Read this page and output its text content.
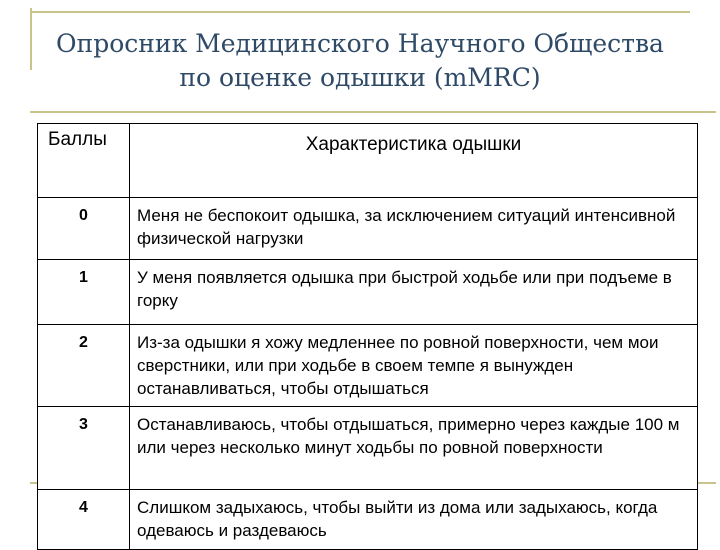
Опросник Медицинского Научного Общества
по оценке одышки (mMRC)
Баллы	Характеристика одышки
0	Меня не беспокоит одышка, за исключением ситуаций интенсивной физической нагрузки
1	У меня появляется одышка при быстрой ходьбе или при подъеме в горку
2	Из-за одышки я хожу медленнее по ровной поверхности, чем мои сверстники, или при ходьбе в своем темпе я вынужден останавливаться, чтобы отдышаться
3	Останавливаюсь, чтобы отдышаться, примерно через каждые 100 м или через несколько минут ходьбы по ровной поверхности
4	Слишком задыхаюсь, чтобы выйти из дома или задыхаюсь, когда одеваюсь и раздеваюсь
